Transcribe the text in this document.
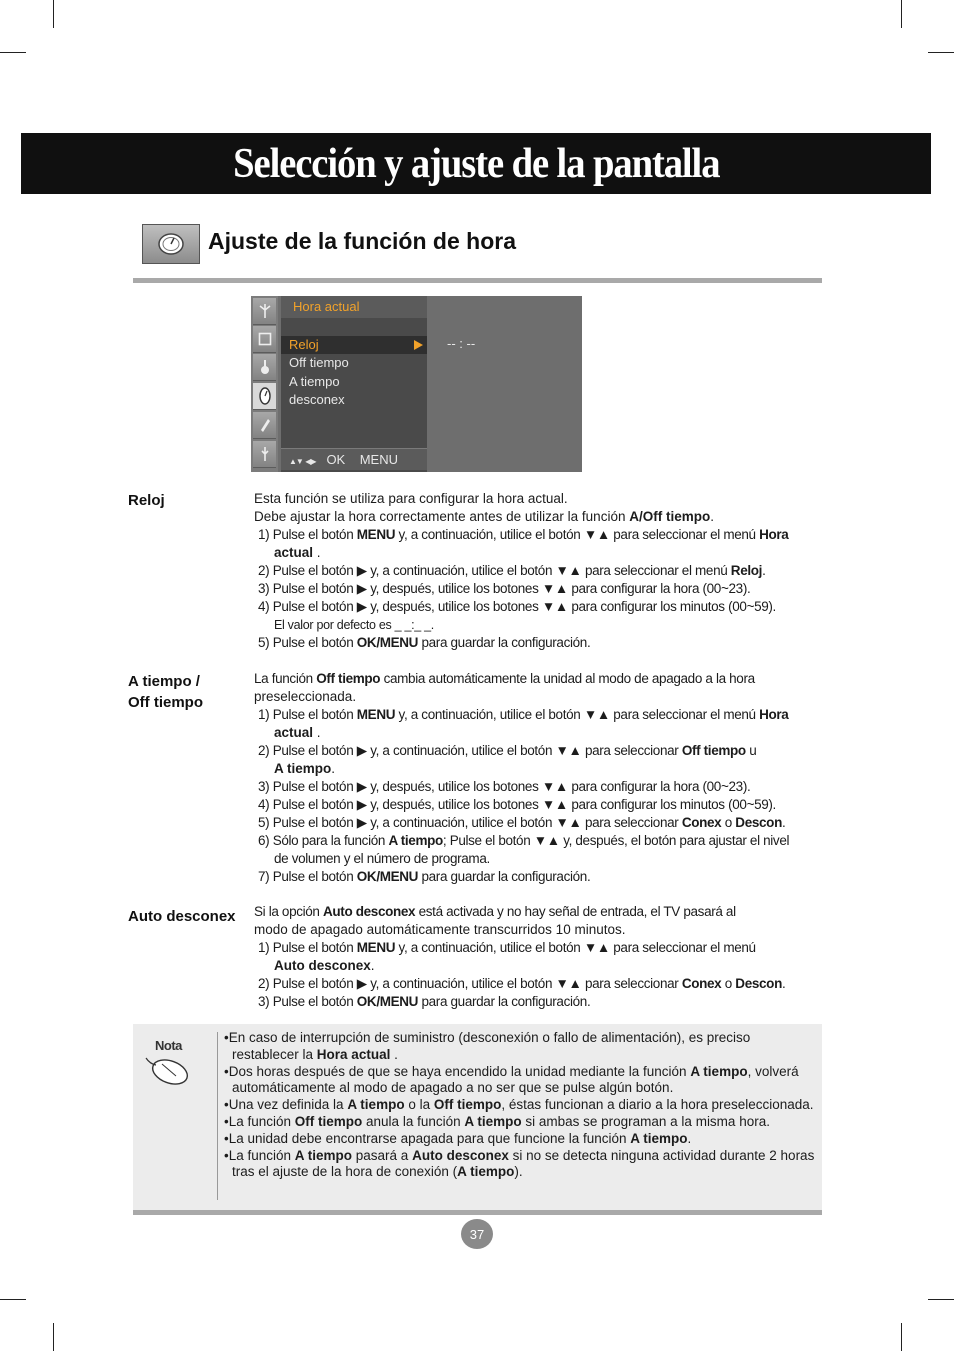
Selección y ajuste de la pantalla
Ajuste de la función de hora
Hora actual
Reloj
Off tiempo
A tiempo
desconex
▲▼  ◀▶ OK MENU
-- : --
Reloj	Esta función se utiliza para configurar la hora actual.

Debe ajustar la hora correctamente antes de utilizar la función A/Off tiempo.

1) Pulse el botón MENU y, a continuación, utilice el botón ▼▲ para seleccionar el menú Hora

actual .

2) Pulse el botón ▶ y, a continuación, utilice el botón ▼▲ para seleccionar el menú Reloj.

3) Pulse el botón ▶ y, después, utilice los botones ▼▲ para configurar la hora (00~23).

4) Pulse el botón ▶ y, después, utilice los botones ▼▲ para configurar los minutos (00~59).

El valor por defecto es _ _:_ _.

5) Pulse el botón OK/MENU para guardar la configuración.

A tiempo /
Off tiempo

La función Off tiempo cambia automáticamente la unidad al modo de apagado a la hora

preseleccionada.

1) Pulse el botón MENU y, a continuación, utilice el botón ▼▲ para seleccionar el menú Hora

actual .

2) Pulse el botón ▶ y, a continuación, utilice el botón ▼▲ para seleccionar Off tiempo u

A tiempo.

3) Pulse el botón ▶ y, después, utilice los botones ▼▲ para configurar la hora (00~23).

4) Pulse el botón ▶ y, después, utilice los botones ▼▲ para configurar los minutos (00~59).

5) Pulse el botón ▶ y, a continuación, utilice el botón ▼▲ para seleccionar Conex o Descon.

6) Sólo para la función A tiempo; Pulse el botón ▼▲ y, después, el botón para ajustar el nivel

de volumen y el número de programa.

7) Pulse el botón OK/MENU para guardar la configuración.

Auto desconex Si la opción Auto desconex está activada y no hay señal de entrada, el TV pasará al

modo de apagado automáticamente transcurridos 10 minutos.

1) Pulse el botón MENU y, a continuación, utilice el botón ▼▲ para seleccionar el menú

Auto desconex.

2) Pulse el botón ▶ y, a continuación, utilice el botón ▼▲ para seleccionar Conex o Descon.

3) Pulse el botón OK/MENU para guardar la configuración.

Nota

•En caso de interrupción de suministro (desconexión o fallo de alimentación), es preciso restablecer la Hora actual .

•Dos horas después de que se haya encendido la unidad mediante la función A tiempo, volverá automáticamente al modo de apagado a no ser que se pulse algún botón.

•Una vez definida la A tiempo o la Off tiempo, éstas funcionan a diario a la hora preseleccionada.

•La función Off tiempo anula la función A tiempo si ambas se programan a la misma hora.

•La unidad debe encontrarse apagada para que funcione la función A tiempo.

•La función A tiempo pasará a Auto desconex si no se detecta ninguna actividad durante 2 horas tras el ajuste de la hora de conexión (A tiempo).

37
